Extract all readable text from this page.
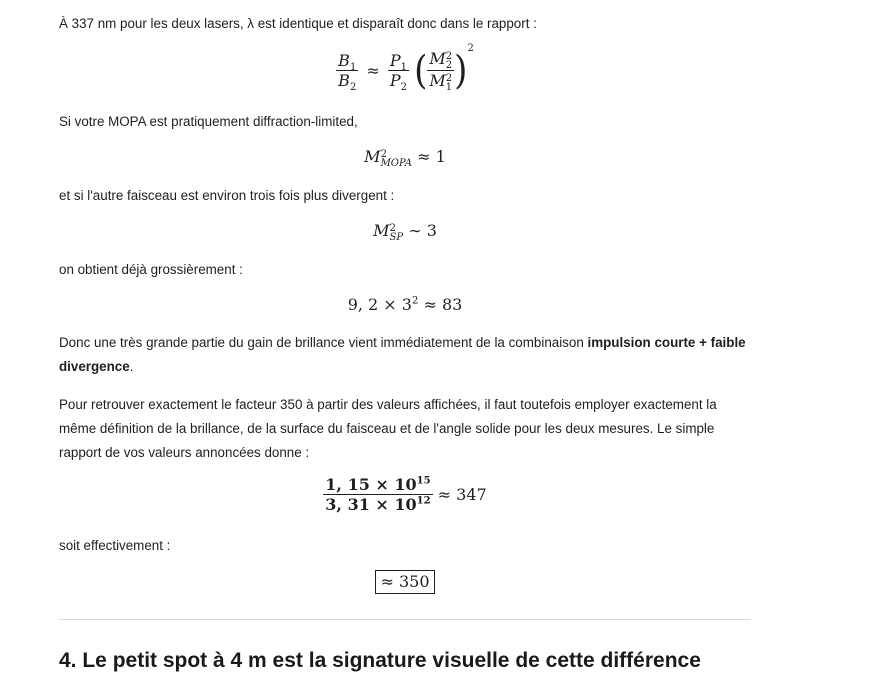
À 337 nm pour les deux lasers, λ est identique et disparaît donc dans le rapport :

$\frac{B_1}{B_2} \approx \frac{P_1}{P_2}$ ( M 2
2
M 2
1 )$^2$

Si votre MOPA est pratiquement diffraction-limited,

M 2
MOPA ≈ 1

et si l'autre faisceau est environ trois fois plus divergent :

M 2
SP ∼ 3

on obtient déjà grossièrement :

9, $2 \times 3^2 \approx 83$

Donc une très grande partie du gain de brillance vient immédiatement de la combinaison impulsion courte + faible divergence.

Pour retrouver exactement le facteur 350 à partir des valeurs affichées, il faut toutefois employer exactement la même définition de la brillance, de la surface du faisceau et de l'angle solide pour les deux mesures. Le simple rapport de vos valeurs annoncées donne :

$\frac{1, 15 \times 10^{15}}{3, 31 \times 10^{12}} \approx 347$

soit effectivement :

≈ 350
4. Le petit spot à 4 m est la signature visuelle de cette différence
